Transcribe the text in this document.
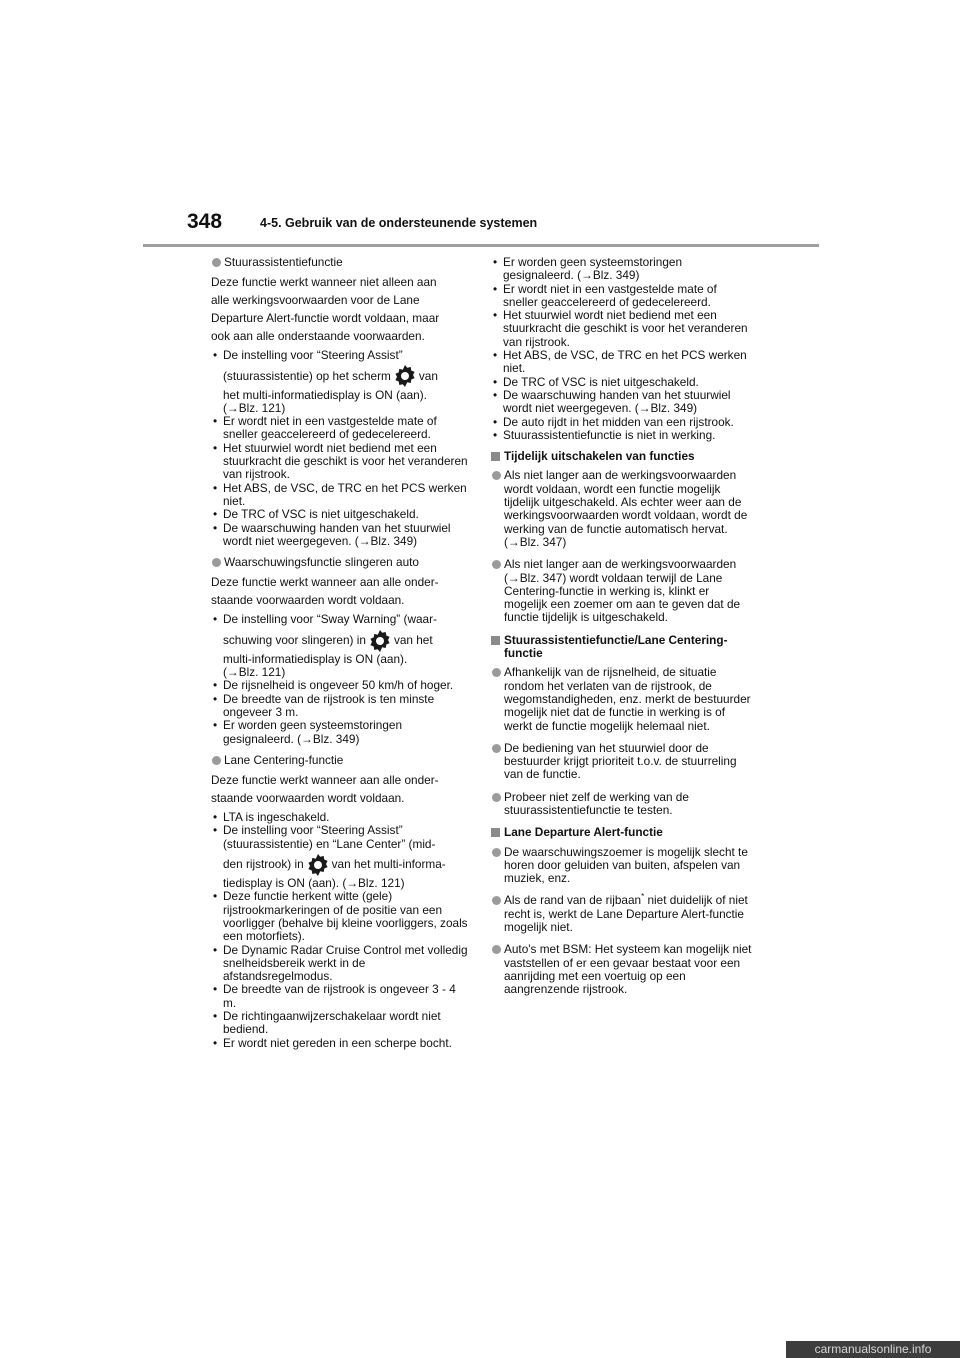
348	4-5. Gebruik van de ondersteunende systemen
Stuurassistentiefunctie
Deze functie werkt wanneer niet alleen aan
alle werkingsvoorwaarden voor de Lane
Departure Alert-functie wordt voldaan, maar
ook aan alle onderstaande voorwaarden.
• De instelling voor “Steering Assist”
(stuurassistentie) op het scherm van
het multi-informatiedisplay is ON (aan).
(→Blz. 121)
• Er wordt niet in een vastgestelde mate of sneller geaccelereerd of gedecelereerd.
• Het stuurwiel wordt niet bediend met een stuurkracht die geschikt is voor het veranderen van rijstrook.
• Het ABS, de VSC, de TRC en het PCS werken niet.
• De TRC of VSC is niet uitgeschakeld.
• De waarschuwing handen van het stuurwiel wordt niet weergegeven. (→Blz. 349)
Waarschuwingsfunctie slingeren auto
Deze functie werkt wanneer aan alle onder-
staande voorwaarden wordt voldaan.
• De instelling voor “Sway Warning” (waar-
schuwing voor slingeren) in van het
multi-informatiedisplay is ON (aan).
(→Blz. 121)
• De rijsnelheid is ongeveer 50 km/h of hoger.
• De breedte van de rijstrook is ten minste ongeveer 3 m.
• Er worden geen systeemstoringen gesignaleerd. (→Blz. 349)
Lane Centering-functie
Deze functie werkt wanneer aan alle onder-
staande voorwaarden wordt voldaan.
• LTA is ingeschakeld.
• De instelling voor “Steering Assist” (stuurassistentie) en “Lane Center” (mid-
den rijstrook) in van het multi-informa-
tiedisplay is ON (aan). (→Blz. 121)
• Deze functie herkent witte (gele) rijstrookmarkeringen of de positie van een voorligger (behalve bij kleine voorliggers, zoals een motorfiets).
• De Dynamic Radar Cruise Control met volledig snelheidsbereik werkt in de afstandsregelmodus.
• De breedte van de rijstrook is ongeveer 3 - 4 m.
• De richtingaanwijzerschakelaar wordt niet bediend.
• Er wordt niet gereden in een scherpe bocht.
• Er worden geen systeemstoringen gesignaleerd. (→Blz. 349)
• Er wordt niet in een vastgestelde mate of sneller geaccelereerd of gedecelereerd.
• Het stuurwiel wordt niet bediend met een stuurkracht die geschikt is voor het veranderen van rijstrook.
• Het ABS, de VSC, de TRC en het PCS werken niet.
• De TRC of VSC is niet uitgeschakeld.
• De waarschuwing handen van het stuurwiel wordt niet weergegeven. (→Blz. 349)
• De auto rijdt in het midden van een rijstrook.
• Stuurassistentiefunctie is niet in werking.
Tijdelijk uitschakelen van functies
Als niet langer aan de werkingsvoorwaarden wordt voldaan, wordt een functie mogelijk tijdelijk uitgeschakeld. Als echter weer aan de werkingsvoorwaarden wordt voldaan, wordt de werking van de functie automatisch hervat. (→Blz. 347)
Als niet langer aan de werkingsvoorwaarden (→Blz. 347) wordt voldaan terwijl de Lane Centering-functie in werking is, klinkt er mogelijk een zoemer om aan te geven dat de functie tijdelijk is uitgeschakeld.
Stuurassistentiefunctie/Lane Centering-functie
Afhankelijk van de rijsnelheid, de situatie rondom het verlaten van de rijstrook, de wegomstandigheden, enz. merkt de bestuurder mogelijk niet dat de functie in werking is of werkt de functie mogelijk helemaal niet.
De bediening van het stuurwiel door de bestuurder krijgt prioriteit t.o.v. de stuurreling van de functie.
Probeer niet zelf de werking van de stuurassistentiefunctie te testen.
Lane Departure Alert-functie
De waarschuwingszoemer is mogelijk slecht te horen door geluiden van buiten, afspelen van muziek, enz.
Als de rand van de rijbaan* niet duidelijk of niet recht is, werkt de Lane Departure Alert-functie mogelijk niet.
Auto's met BSM: Het systeem kan mogelijk niet vaststellen of er een gevaar bestaat voor een aanrijding met een voertuig op een aangrenzende rijstrook.
carmanualsonline.info
